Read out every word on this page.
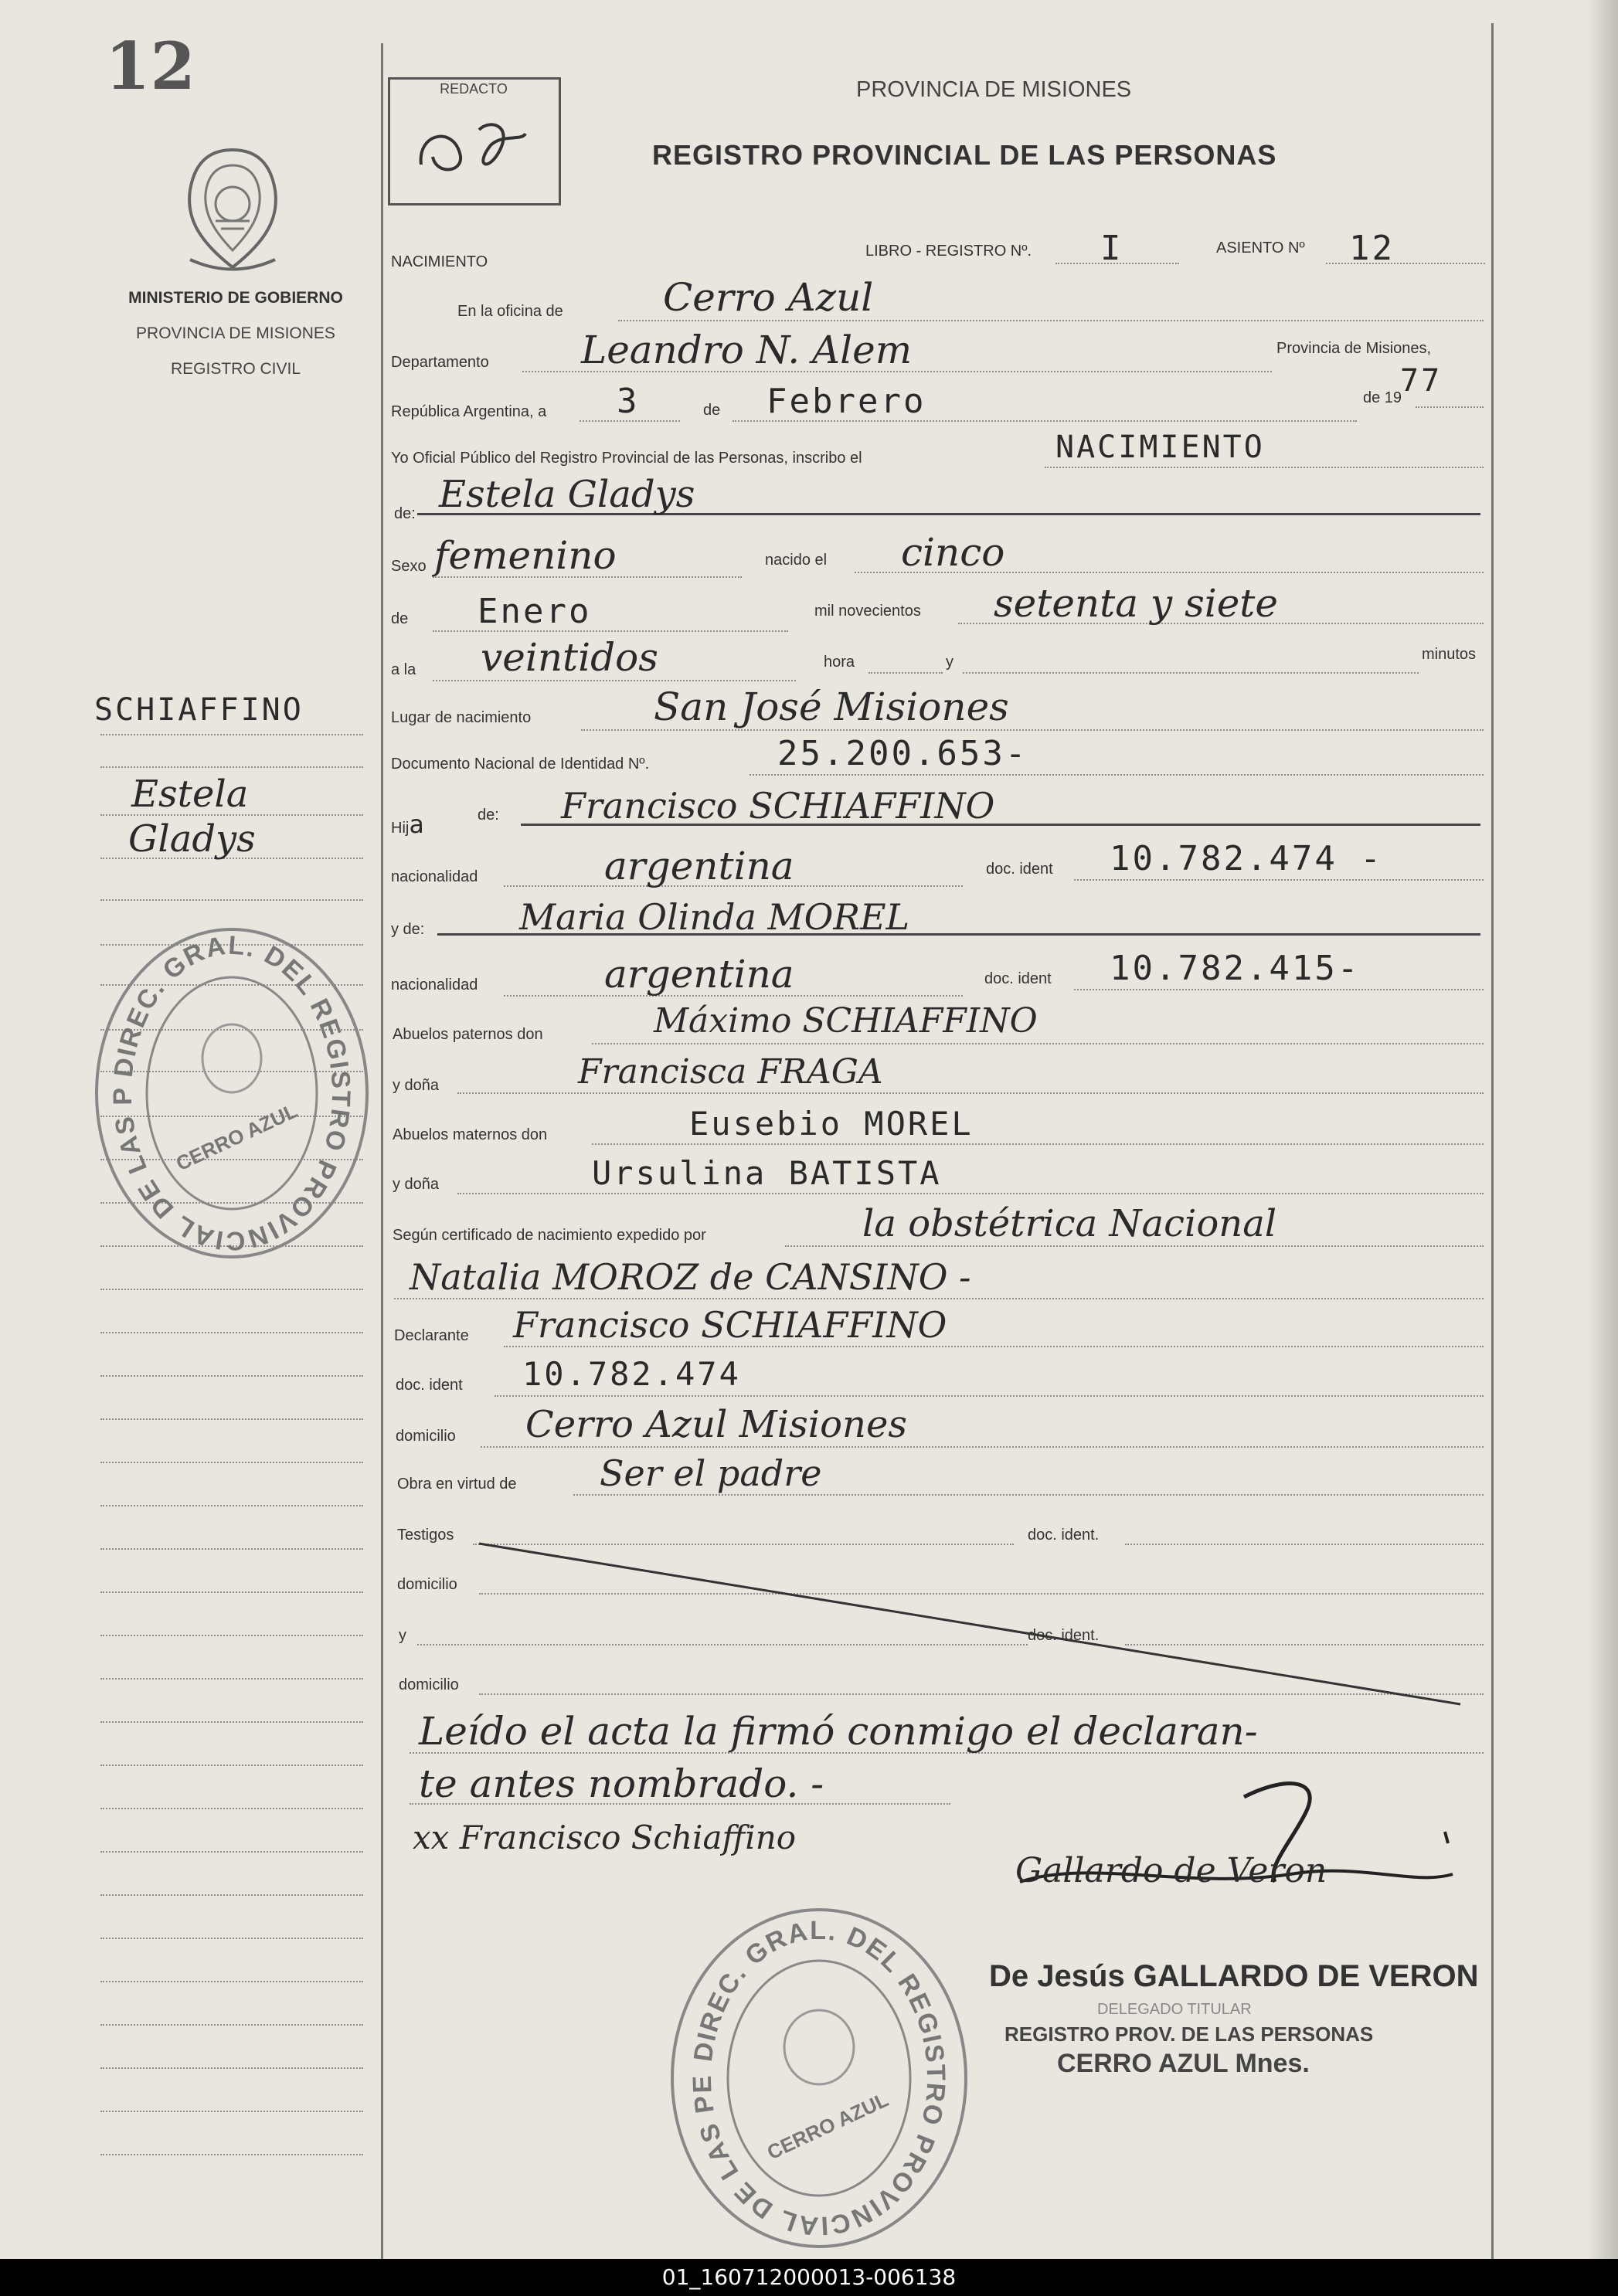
12
MINISTERIO DE GOBIERNO
PROVINCIA DE MISIONES
REGISTRO CIVIL
SCHIAFFINO
Estela
Gladys
DIREC. GRAL. DEL REGISTRO PROVINCIAL DE LAS P
CERRO AZUL
REDACTO	PROVINCIA DE MISIONES
REGISTRO PROVINCIAL DE LAS PERSONAS
LIBRO - REGISTRO Nº. I	ASIENTO Nº 12
NACIMIENTO
En la oficina de	Cerro Azul
Departamento Leandro N. Alem	Provincia de Misiones,
República Argentina, a 3	de Febrero	de 19
77
Yo Oficial Público del Registro Provincial de las Personas, inscribo el	NACIMIENTO
de: Estela Gladys
Sexo femenino	nacido el cinco
de Enero	mil novecientos setenta y siete
a la veintidos	hora	y	minutos
Lugar de nacimiento	San José Misiones
Documento Nacional de Identidad Nº.	25.200.653-
Hija	de: Francisco SCHIAFFINO
nacionalidad	argentina	doc. ident 10.782.474 -
y de:	Maria Olinda MOREL
nacionalidad	argentina	doc. ident 10.782.415-
Abuelos paternos don	Máximo SCHIAFFINO
y doña	Francisca FRAGA
Abuelos maternos don	Eusebio MOREL
y doña	Ursulina BATISTA
Según certificado de nacimiento expedido por	la obstétrica Nacional
Natalia MOROZ de CANSINO -
Declarante Francisco SCHIAFFINO
doc. ident 10.782.474
domicilio Cerro Azul Misiones
Obra en virtud de Ser el padre
Testigos	doc. ident.
domicilio
y	doc. ident.
domicilio
Leído el acta la firmó conmigo el declaran-
te antes nombrado. -
xx Francisco Schiaffino
Gallardo de Veron
De Jesús GALLARDO DE VERON
DELEGADO TITULAR
REGISTRO PROV. DE LAS PERSONAS
CERRO AZUL Mnes.
DIREC. GRAL. DEL REGISTRO PROVINCIAL DE LAS PE
CERRO AZUL
01_160712000013-006138
